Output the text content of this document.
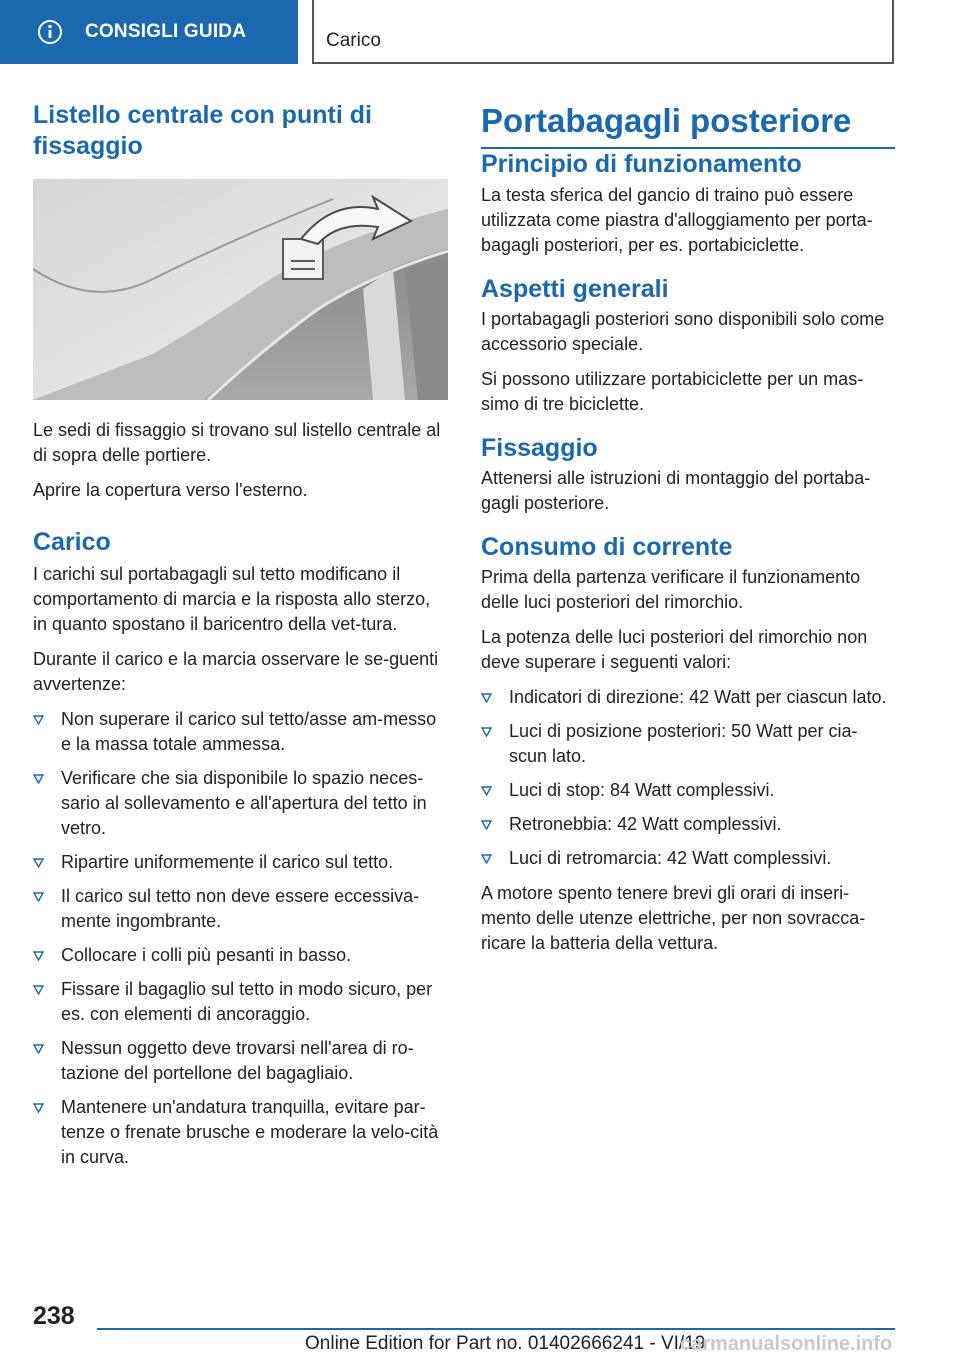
CONSIGLI GUIDA	Carico
Listello centrale con punti di fissaggio

Le sedi di fissaggio si trovano sul listello centrale al di sopra delle portiere.

Aprire la copertura verso l'esterno.

Carico

I carichi sul portabagagli sul tetto modificano il comportamento di marcia e la risposta allo sterzo, in quanto spostano il baricentro della vet‐tura.

Durante il carico e la marcia osservare le se‐guenti avvertenze:

Non superare il carico sul tetto/asse am‐messo e la massa totale ammessa.
Verificare che sia disponibile lo spazio neces‐sario al sollevamento e all'apertura del tetto in vetro.
Ripartire uniformemente il carico sul tetto.
Il carico sul tetto non deve essere eccessiva‐mente ingombrante.
Collocare i colli più pesanti in basso.
Fissare il bagaglio sul tetto in modo sicuro, per es. con elementi di ancoraggio.
Nessun oggetto deve trovarsi nell'area di ro‐tazione del portellone del bagagliaio.
Mantenere un'andatura tranquilla, evitare par‐tenze o frenate brusche e moderare la velo‐cità in curva.
Portabagagli posteriore
Principio di funzionamento

La testa sferica del gancio di traino può essere utilizzata come piastra d'alloggiamento per porta‐bagagli posteriori, per es. portabiciclette.

Aspetti generali

I portabagagli posteriori sono disponibili solo come accessorio speciale.

Si possono utilizzare portabiciclette per un mas‐simo di tre biciclette.

Fissaggio

Attenersi alle istruzioni di montaggio del portaba‐gagli posteriore.

Consumo di corrente

Prima della partenza verificare il funzionamento delle luci posteriori del rimorchio.

La potenza delle luci posteriori del rimorchio non deve superare i seguenti valori:

Indicatori di direzione: 42 Watt per ciascun lato.
Luci di posizione posteriori: 50 Watt per cia‐scun lato.
Luci di stop: 84 Watt complessivi.
Retronebbia: 42 Watt complessivi.
Luci di retromarcia: 42 Watt complessivi.

A motore spento tenere brevi gli orari di inseri‐mento delle utenze elettriche, per non sovracca‐ricare la batteria della vettura.

238
Online Edition for Part no. 01402666241 - VI/19
carmanualsonline.info
